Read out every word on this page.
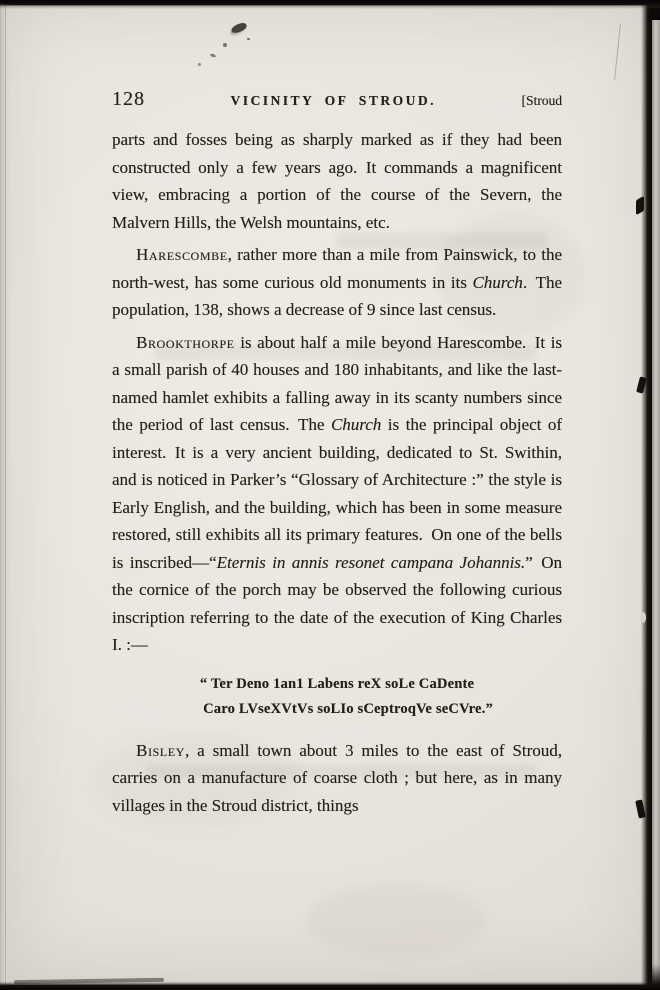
128	VICINITY OF STROUD.	[Stroud

parts and fosses being as sharply marked as if they had been constructed only a few years ago. It commands a magnificent view, embracing a portion of the course of the Severn, the Malvern Hills, the Welsh mountains, etc.

Harescombe, rather more than a mile from Painswick, to the north-west, has some curious old monuments in its Church. The population, 138, shows a decrease of 9 since last census.

Brookthorpe is about half a mile beyond Harescombe. It is a small parish of 40 houses and 180 inhabitants, and like the last-named hamlet exhibits a falling away in its scanty numbers since the period of last census. The Church is the principal object of interest. It is a very ancient building, dedicated to St. Swithin, and is noticed in Parker’s “Glossary of Architecture :” the style is Early English, and the building, which has been in some measure restored, still exhibits all its primary features. On one of the bells is inscribed—“Eternis in annis resonet campana Johannis.” On the cornice of the porch may be observed the following curious inscription referring to the date of the execution of King Charles I. :—

“ Ter Deno 1an1 Labens reX soLe CaDente
Caro LVseXVtVs soLIo sCeptroqVe seCVre.”

Bisley, a small town about 3 miles to the east of Stroud, carries on a manufacture of coarse cloth ; but here, as in many villages in the Stroud district, things
